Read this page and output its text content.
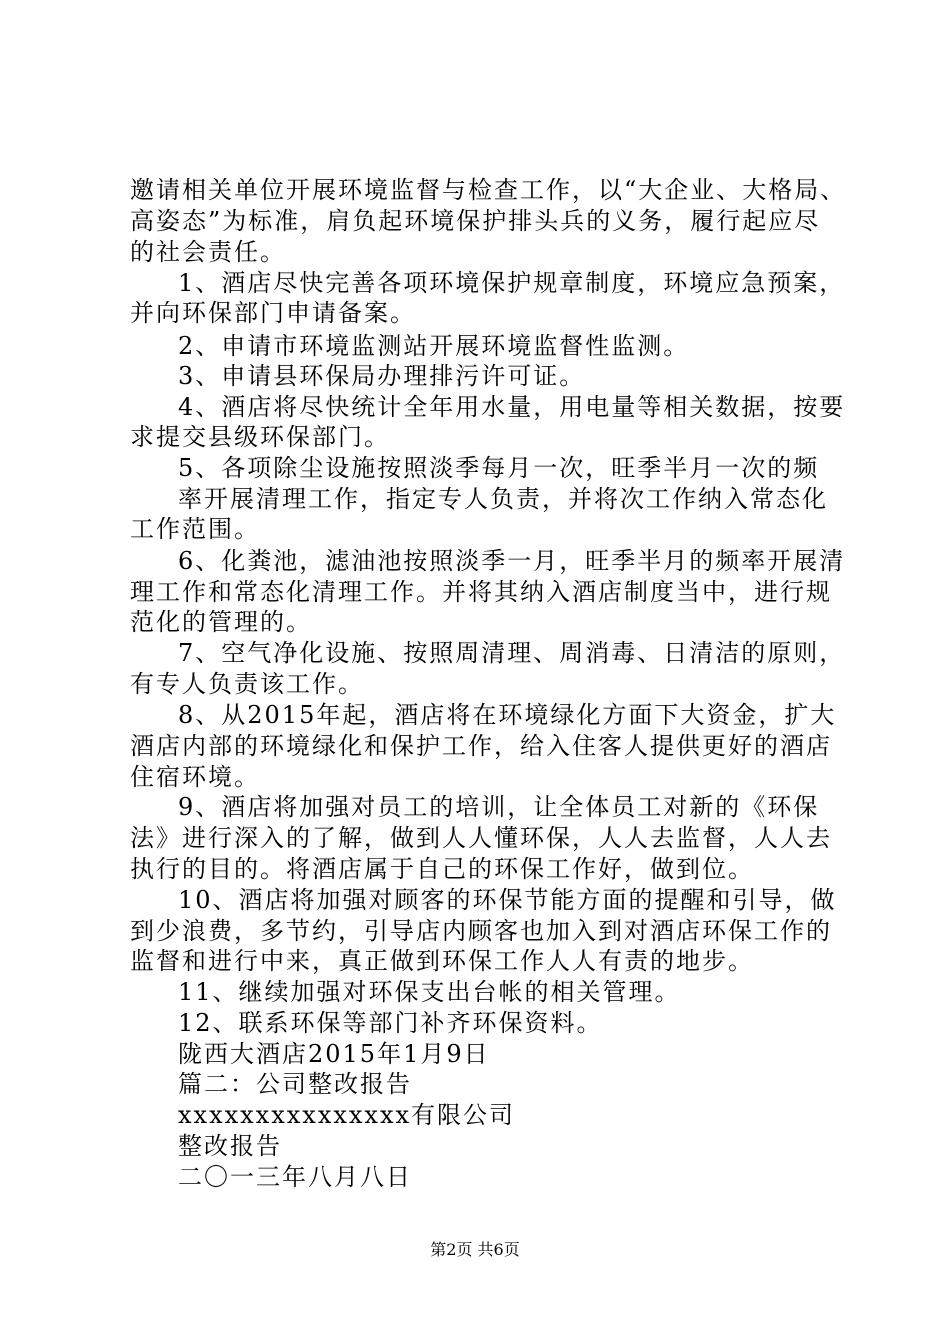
邀请相关单位开展环境监督与检查工作，以“大企业、大格局、
高姿态”为标准，肩负起环境保护排头兵的义务，履行起应尽
的社会责任。
1、酒店尽快完善各项环境保护规章制度，环境应急预案，
并向环保部门申请备案。
2、申请市环境监测站开展环境监督性监测。
3、申请县环保局办理排污许可证。
4、酒店将尽快统计全年用水量，用电量等相关数据，按要
求提交县级环保部门。
5、各项除尘设施按照淡季每月一次，旺季半月一次的频
率开展清理工作，指定专人负责，并将次工作纳入常态化
工作范围。
6、化粪池，滤油池按照淡季一月，旺季半月的频率开展清
理工作和常态化清理工作。并将其纳入酒店制度当中，进行规
范化的管理的。
7、空气净化设施、按照周清理、周消毒、日清洁的原则，
有专人负责该工作。
8、从2015年起，酒店将在环境绿化方面下大资金，扩大
酒店内部的环境绿化和保护工作，给入住客人提供更好的酒店
住宿环境。
9、酒店将加强对员工的培训，让全体员工对新的《环保
法》进行深入的了解，做到人人懂环保，人人去监督，人人去
执行的目的。将酒店属于自己的环保工作好，做到位。
10、酒店将加强对顾客的环保节能方面的提醒和引导，做
到少浪费，多节约，引导店内顾客也加入到对酒店环保工作的
监督和进行中来，真正做到环保工作人人有责的地步。
11、继续加强对环保支出台帐的相关管理。
12、联系环保等部门补齐环保资料。
陇西大酒店2015年1月9日
篇二：公司整改报告
xxxxxxxxxxxxxxx有限公司
整改报告
二〇一三年八月八日
第2页 共6页
